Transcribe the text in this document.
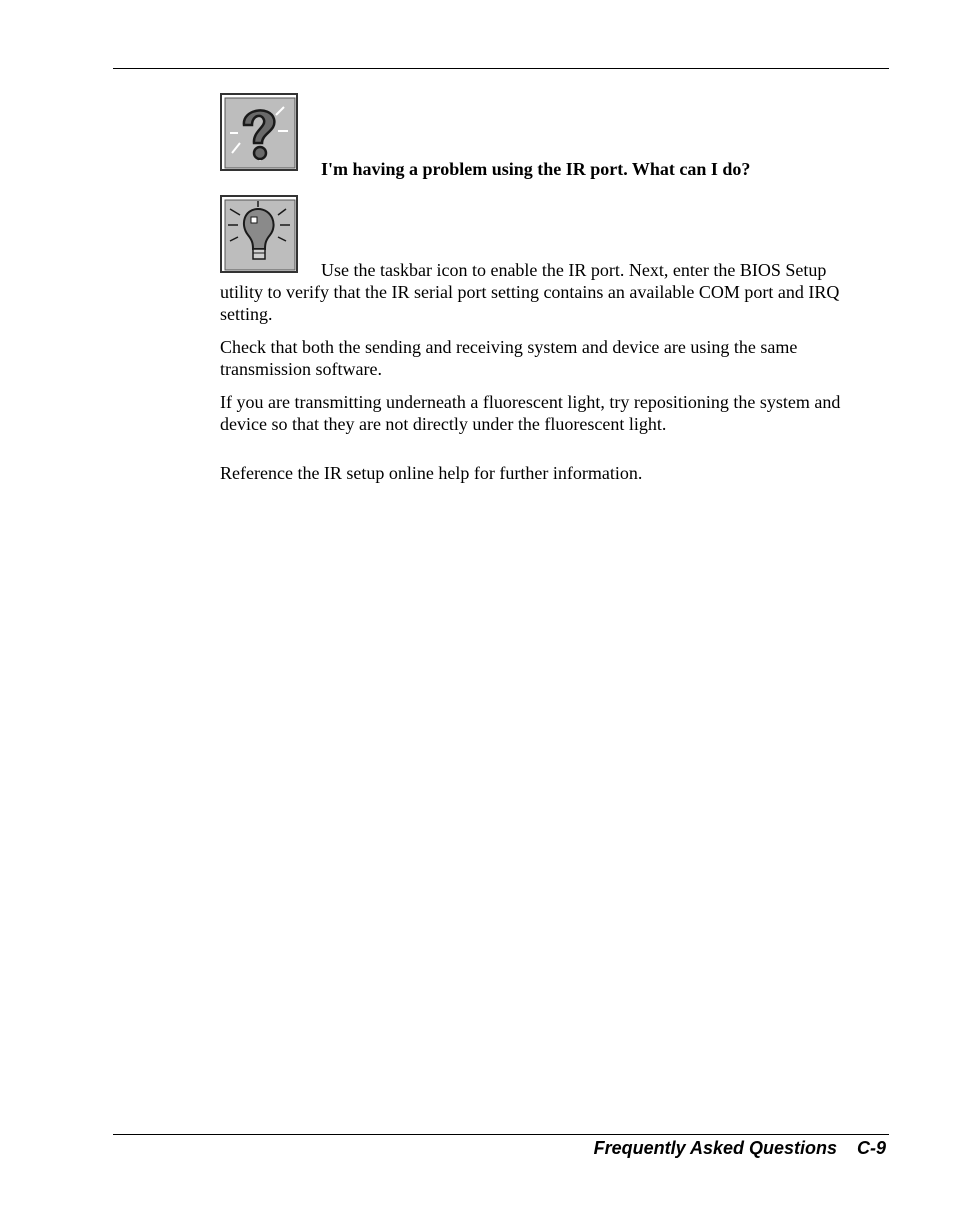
I'm having a problem using the IR port. What can I do?
Use the taskbar icon to enable the IR port. Next, enter the BIOS Setup

utility to verify that the IR serial port setting contains an available COM port and IRQ setting.

Check that both the sending and receiving system and device are using the same transmission software.

If you are transmitting underneath a fluorescent light, try repositioning the system and device so that they are not directly under the fluorescent light.

Reference the IR setup online help for further information.

Frequently Asked Questions C-9
